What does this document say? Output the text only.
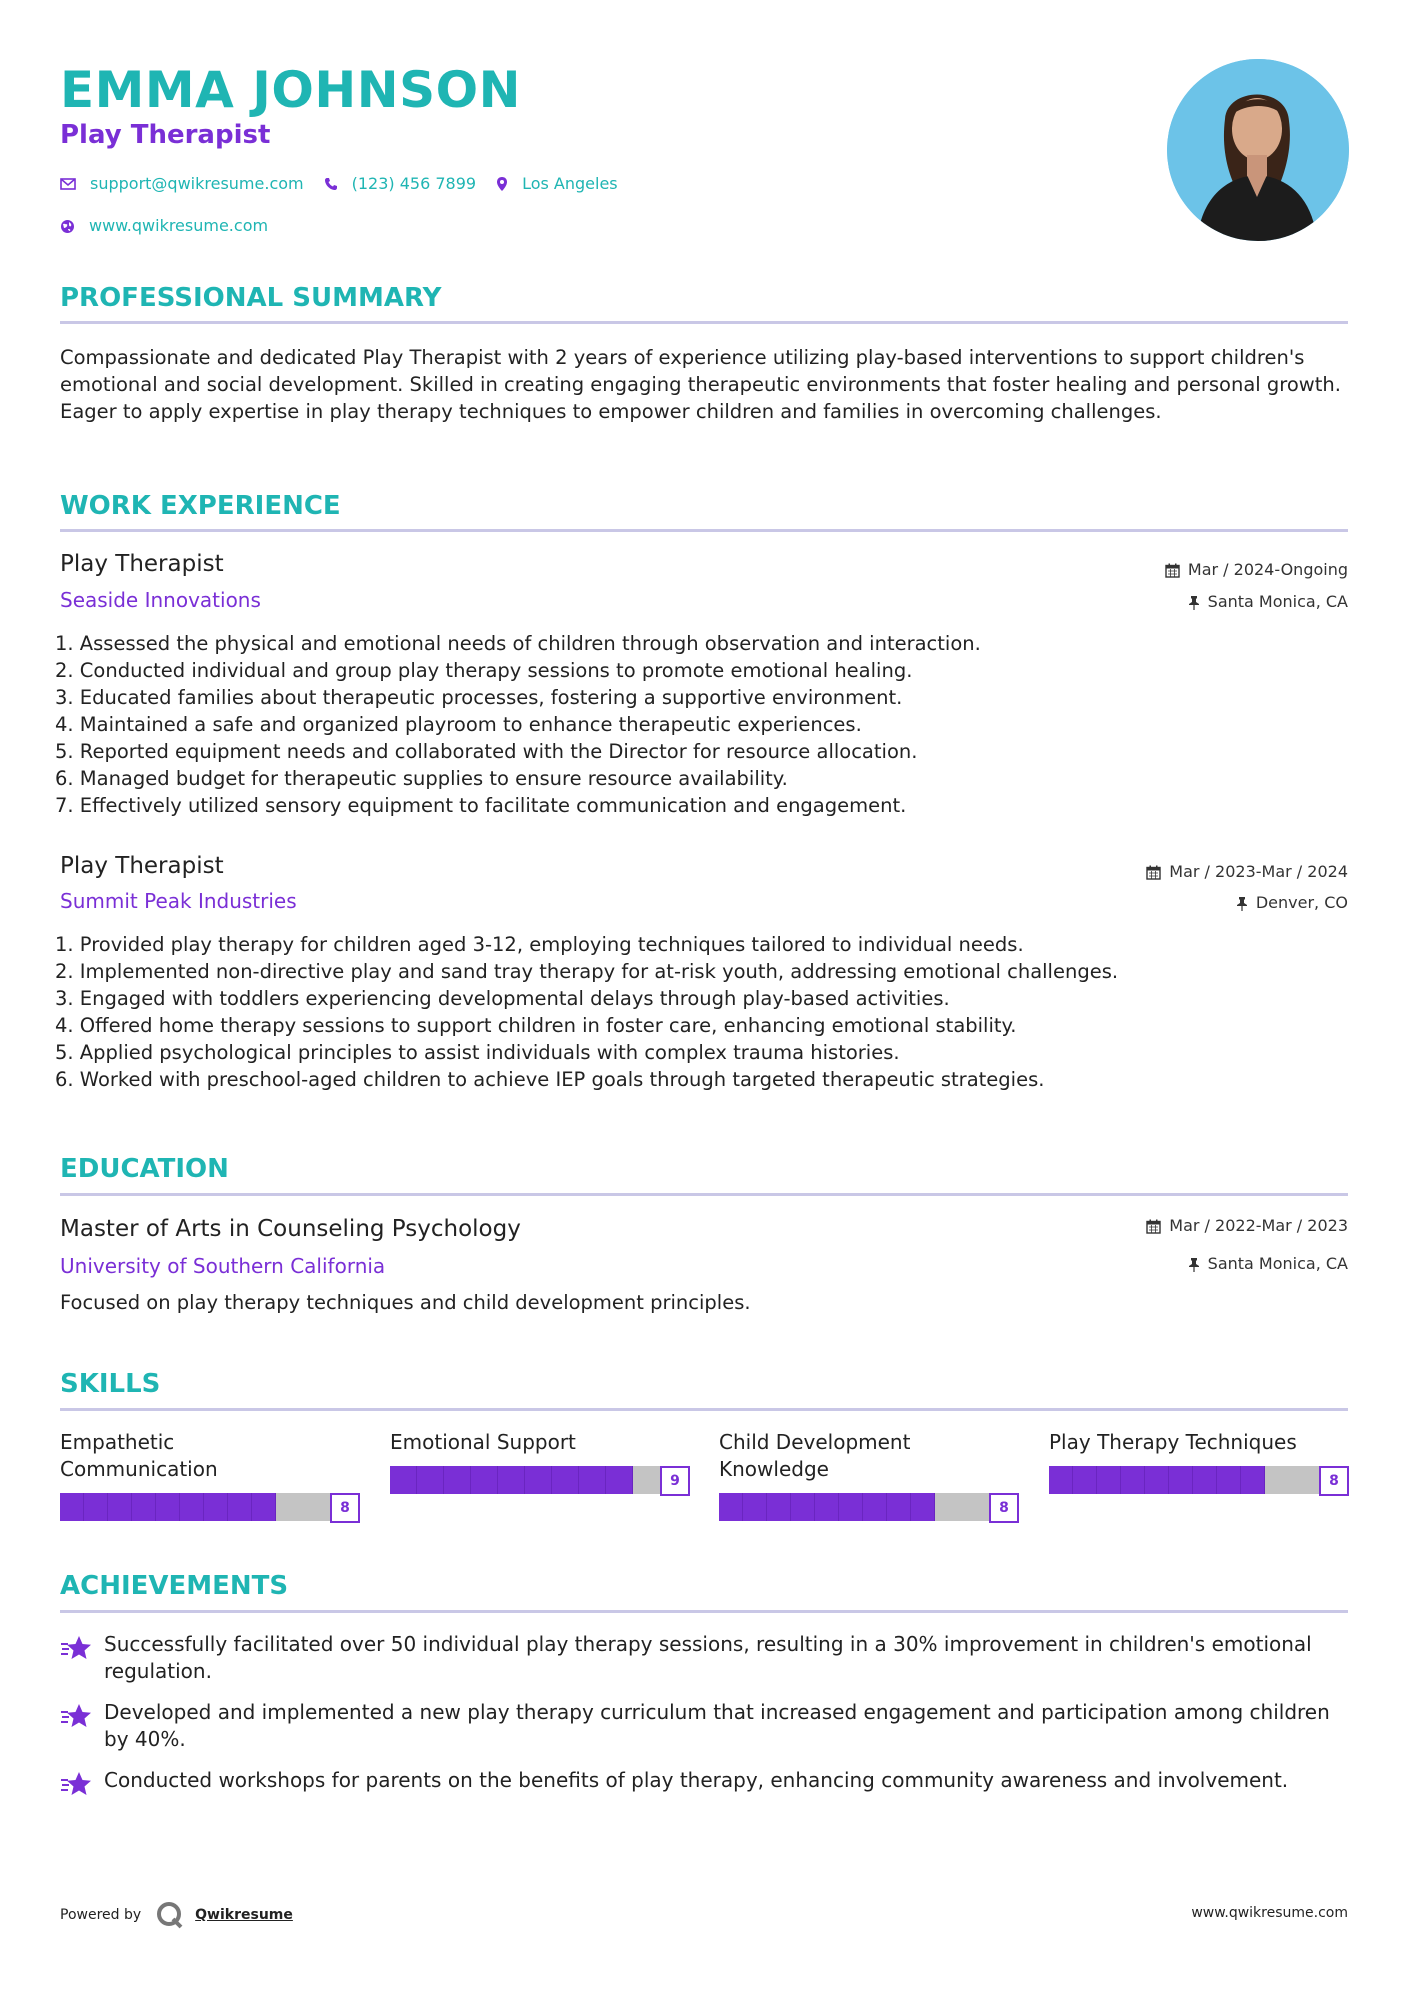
EMMA JOHNSON
Play Therapist
support@qwikresume.com	(123) 456 7899	Los Angeles
www.qwikresume.com
PROFESSIONAL SUMMARY

Compassionate and dedicated Play Therapist with 2 years of experience utilizing play-based interventions to support children's emotional and social development. Skilled in creating engaging therapeutic environments that foster healing and personal growth. Eager to apply expertise in play therapy techniques to empower children and families in overcoming challenges.

WORK EXPERIENCE
Play Therapist
Seaside Innovations
Mar / 2024-Ongoing
Santa Monica, CA
1. Assessed the physical and emotional needs of children through observation and interaction.
2. Conducted individual and group play therapy sessions to promote emotional healing.
3. Educated families about therapeutic processes, fostering a supportive environment.
4. Maintained a safe and organized playroom to enhance therapeutic experiences.
5. Reported equipment needs and collaborated with the Director for resource allocation.
6. Managed budget for therapeutic supplies to ensure resource availability.
7. Effectively utilized sensory equipment to facilitate communication and engagement.
Play Therapist
Summit Peak Industries
Mar / 2023-Mar / 2024
Denver, CO
1. Provided play therapy for children aged 3-12, employing techniques tailored to individual needs.
2. Implemented non-directive play and sand tray therapy for at-risk youth, addressing emotional challenges.
3. Engaged with toddlers experiencing developmental delays through play-based activities.
4. Offered home therapy sessions to support children in foster care, enhancing emotional stability.
5. Applied psychological principles to assist individuals with complex trauma histories.
6. Worked with preschool-aged children to achieve IEP goals through targeted therapeutic strategies.
EDUCATION
Master of Arts in Counseling Psychology
University of Southern California
Mar / 2022-Mar / 2023
Santa Monica, CA

Focused on play therapy techniques and child development principles.

SKILLS

Empathetic Communication

8

Emotional Support

9

Child Development Knowledge

8

Play Therapy Techniques

8
ACHIEVEMENTS

Successfully facilitated over 50 individual play therapy sessions, resulting in a 30% improvement in children's emotional regulation.

Developed and implemented a new play therapy curriculum that increased engagement and participation among children by 40%.

Conducted workshops for parents on the benefits of play therapy, enhancing community awareness and involvement.

Powered by	Qwikresume	www.qwikresume.com
